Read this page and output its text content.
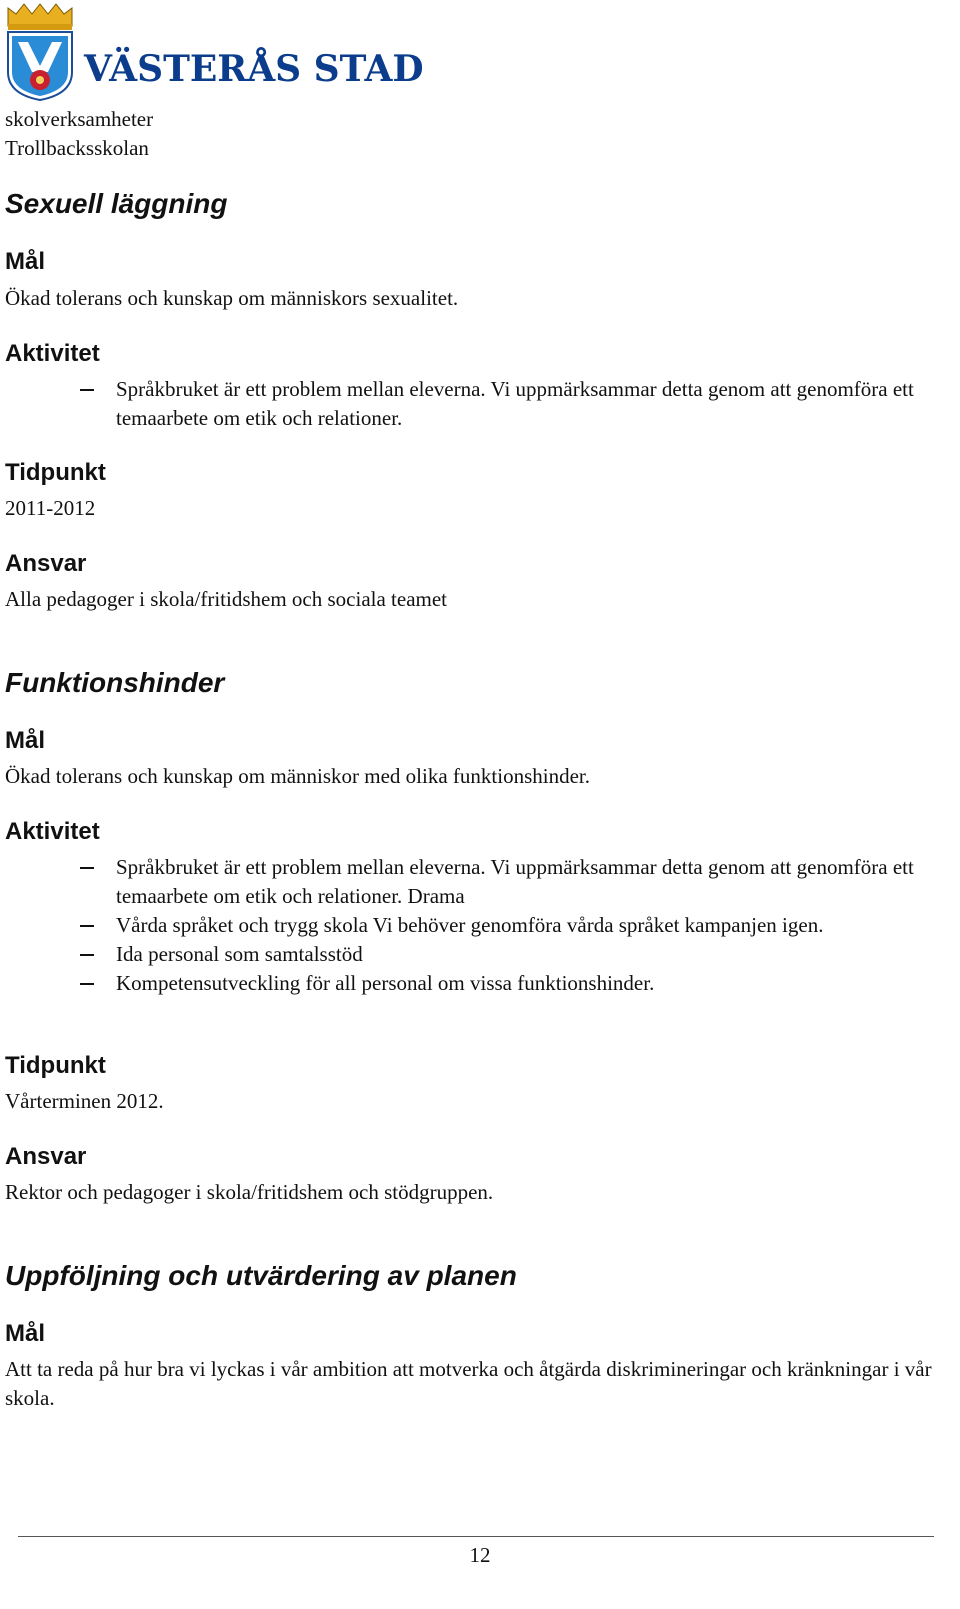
VÄSTERÅS STAD
skolverksamheter
Trollbacksskolan
Sexuell läggning
Mål
Ökad tolerans och kunskap om människors sexualitet.
Aktivitet
Språkbruket är ett problem mellan eleverna. Vi uppmärksammar detta genom att genomföra ett temaarbete om etik och relationer.
Tidpunkt
2011-2012
Ansvar
Alla pedagoger i skola/fritidshem och sociala teamet
Funktionshinder
Mål
Ökad tolerans och kunskap om människor med olika funktionshinder.
Aktivitet
Språkbruket är ett problem mellan eleverna. Vi uppmärksammar detta genom att genomföra ett temaarbete om etik och relationer. Drama
Vårda språket och trygg skola Vi behöver genomföra vårda språket kampanjen igen.
Ida personal som samtalsstöd
Kompetensutveckling för all personal om vissa funktionshinder.
Tidpunkt
Vårterminen 2012.
Ansvar
Rektor och pedagoger i skola/fritidshem och stödgruppen.
Uppföljning och utvärdering av planen
Mål
Att ta reda på hur bra vi lyckas i vår ambition att motverka och åtgärda diskrimineringar och kränkningar i vår skola.
12
